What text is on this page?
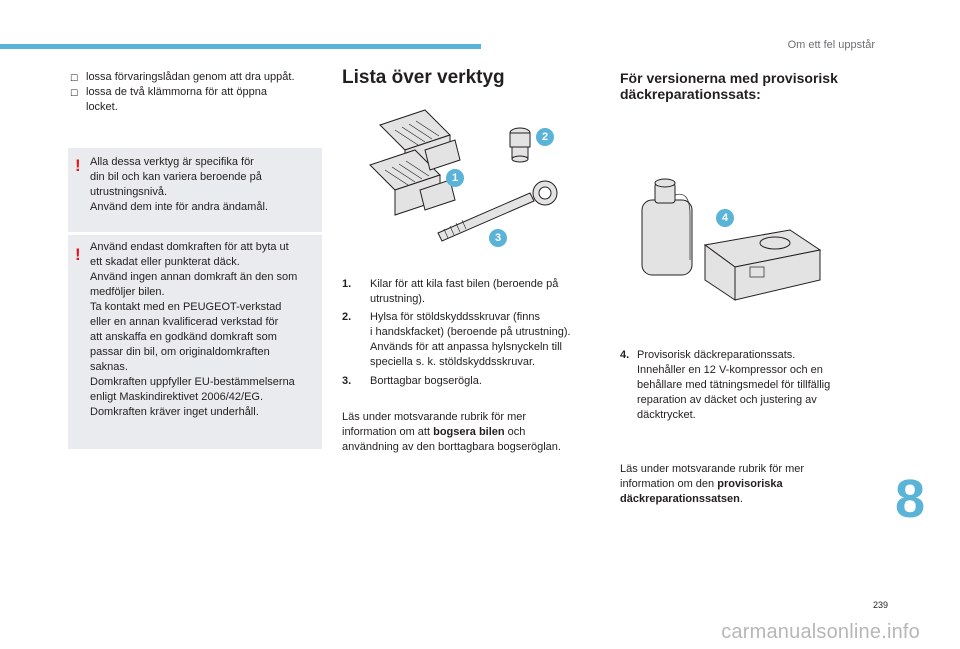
Om ett fel uppstår
☐ lossa förvaringslådan genom att dra uppåt.
☐ lossa de två klämmorna för att öppna
locket.
! Alla dessa verktyg är specifika för
din bil och kan variera beroende på
utrustningsnivå.
Använd dem inte för andra ändamål.
! Använd endast domkraften för att byta ut
ett skadat eller punkterat däck.
Använd ingen annan domkraft än den som
medföljer bilen.
Ta kontakt med en PEUGEOT-verkstad
eller en annan kvalificerad verkstad för
att anskaffa en godkänd domkraft som
passar din bil, om originaldomkraften
saknas.
Domkraften uppfyller EU-bestämmelserna
enligt Maskindirektivet 2006/42/EG.
Domkraften kräver inget underhåll.
Lista över verktyg
1
2
3
1. Kilar för att kila fast bilen (beroende på
utrustning).
2. Hylsa för stöldskyddsskruvar (finns
i handskfacket) (beroende på utrustning).
Används för att anpassa hylsnyckeln till
speciella s. k. stöldskyddsskruvar.
3. Borttagbar bogserögla.
Läs under motsvarande rubrik för mer
information om att bogsera bilen och
användning av den borttagbara bogseröglan.
För versionerna med provisorisk
däckreparationssats:
4
4. Provisorisk däckreparationssats.
Innehåller en 12 V-kompressor och en
behållare med tätningsmedel för tillfällig
reparation av däcket och justering av
däcktrycket.
Läs under motsvarande rubrik för mer
information om den provisoriska
däckreparationssatsen.	8
239
carmanualsonline.info
